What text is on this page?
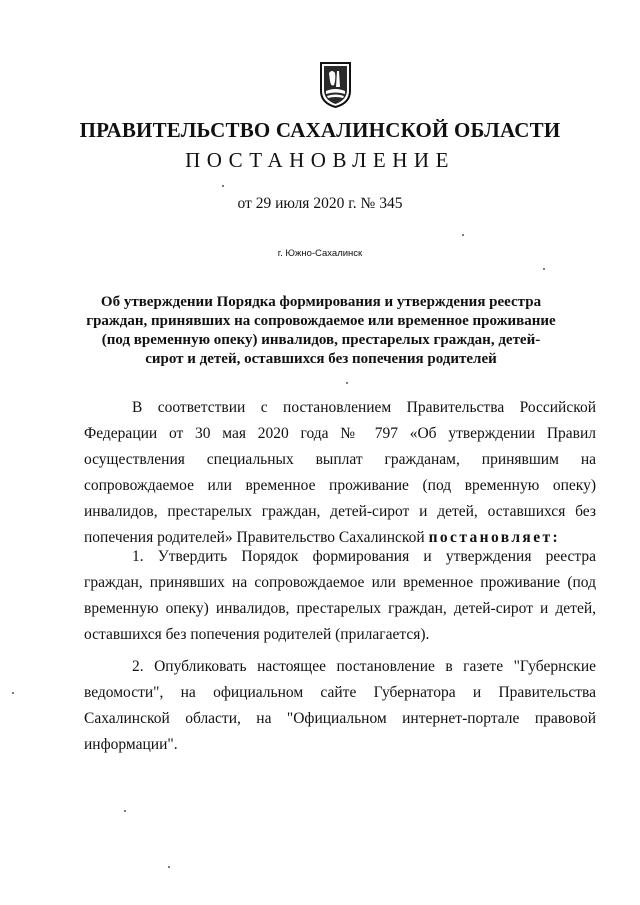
ПРАВИТЕЛЬСТВО САХАЛИНСКОЙ ОБЛАСТИ
ПОСТАНОВЛЕНИЕ
от 29 июля 2020 г. № 345
г. Южно-Сахалинск
Об утверждении Порядка формирования и утверждения реестра граждан, принявших на сопровождаемое или временное проживание (под временную опеку) инвалидов, престарелых граждан, детей-сирот и детей, оставшихся без попечения родителей
В соответствии с постановлением Правительства Российской Федерации от 30 мая 2020 года № 797 «Об утверждении Правил осуществления специальных выплат гражданам, принявшим на сопровождаемое или временное проживание (под временную опеку) инвалидов, престарелых граждан, детей-сирот и детей, оставшихся без попечения родителей» Правительство Сахалинской постановляет:
1. Утвердить Порядок формирования и утверждения реестра граждан, принявших на сопровождаемое или временное проживание (под временную опеку) инвалидов, престарелых граждан, детей-сирот и детей, оставшихся без попечения родителей (прилагается).
2. Опубликовать настоящее постановление в газете "Губернские ведомости", на официальном сайте Губернатора и Правительства Сахалинской области, на "Официальном интернет-портале правовой информации".
